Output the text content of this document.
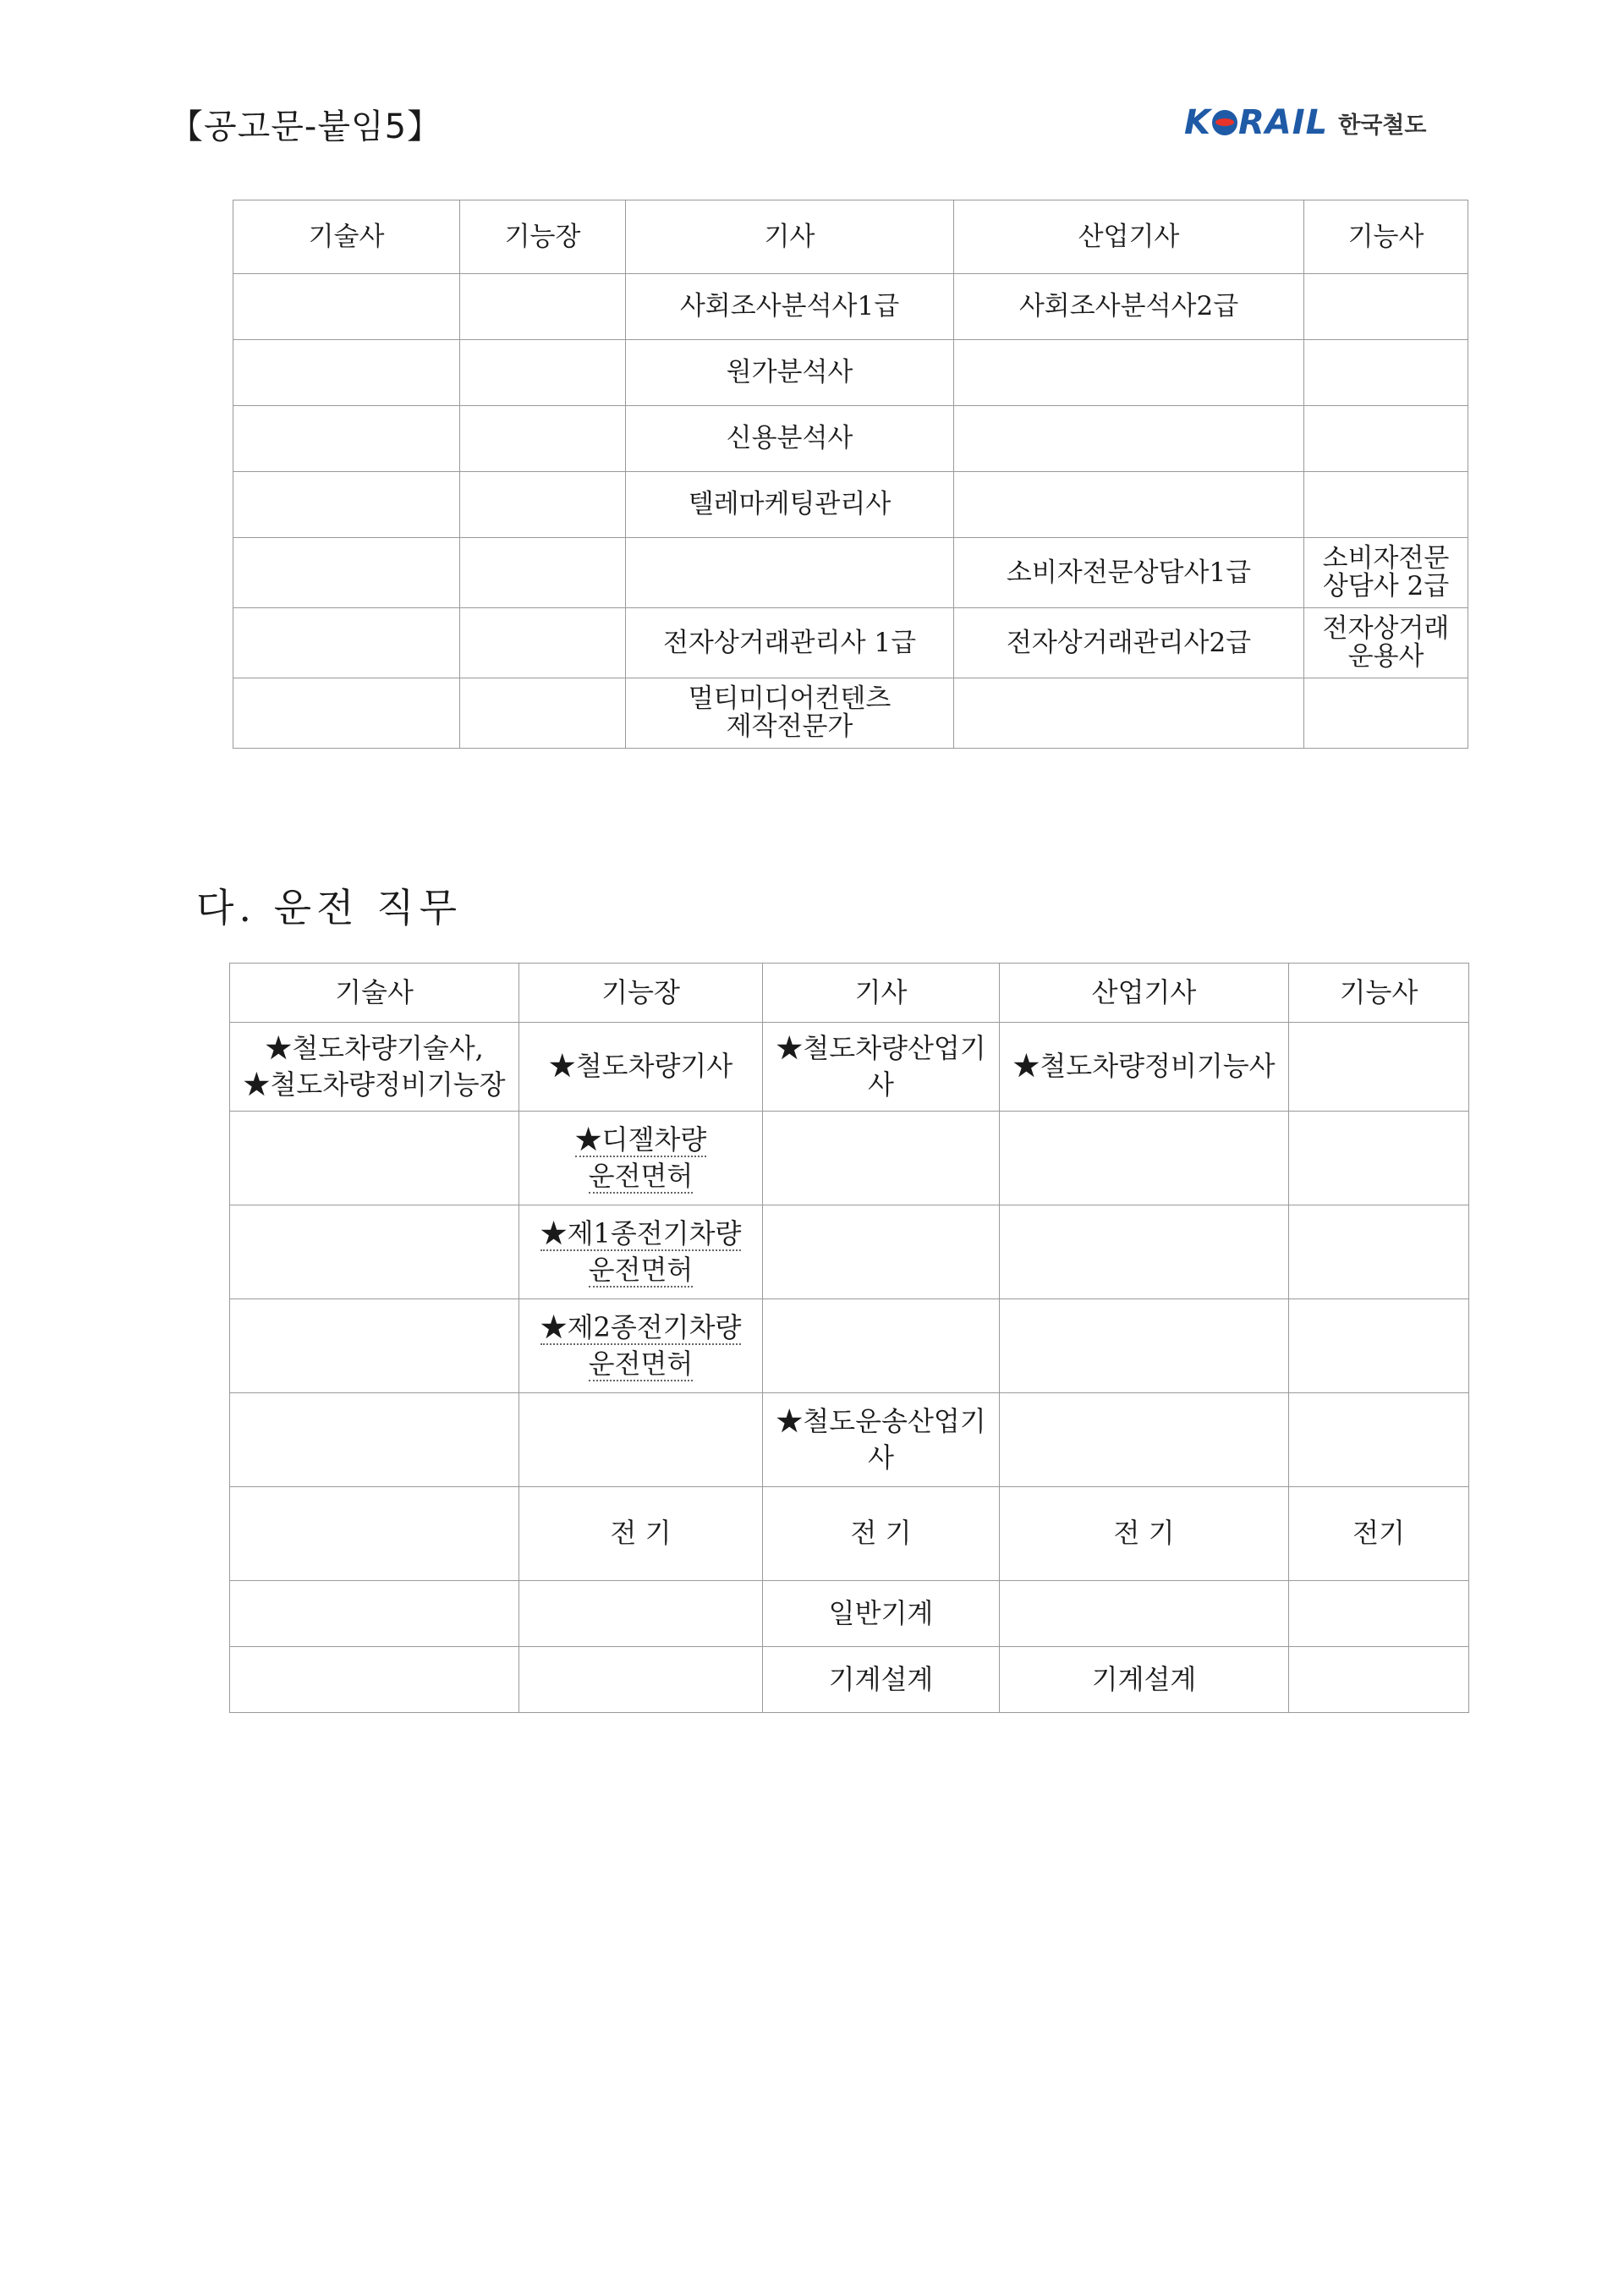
【공고문-붙임5】	K RAIL 한국철도
기술사	기능장	기사	산업기사	기능사
		사회조사분석사1급	사회조사분석사2급	
		원가분석사		
		신용분석사		
		텔레마케팅관리사		
			소비자전문상담사1급	소비자전문
상담사 2급
		전자상거래관리사 1급	전자상거래관리사2급	전자상거래
운용사
		멀티미디어컨텐츠
제작전문가		
다. 운전 직무
기술사	기능장	기사	산업기사	기능사
★철도차량기술사,
★철도차량정비기능장	★철도차량기사	★철도차량산업기사	★철도차량정비기능사	
	★디젤차량
운전면허			
	★제1종전기차량
운전면허			
	★제2종전기차량
운전면허			
		★철도운송산업기사		
	전 기	전 기	전 기	전기
		일반기계		
		기계설계	기계설계	
